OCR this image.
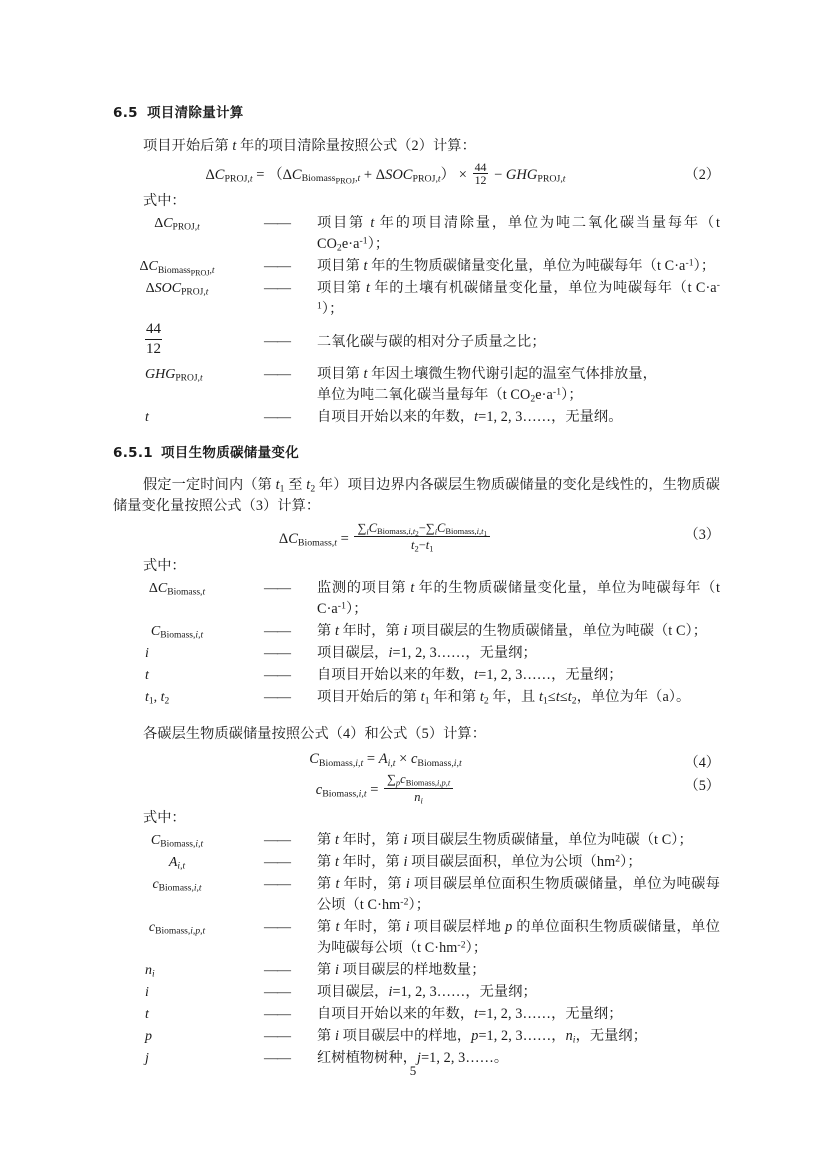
6.5 项目清除量计算

项目开始后第 t 年的项目清除量按照公式（2）计算：

$\Delta C_{PROJ,t} = (\Delta C_{Biomass_{PROJ},t} + \Delta SOC_{PROJ,t}) \times \frac{44}{12} - GHG_{PROJ,t}$	（2）
式中：
$\Delta C_{PROJ,t}$	——	项目第 t 年的项目清除量，单位为吨二氧化碳当量每年（t $CO_2e\cdot a^{-1}$）；
$\Delta C_{Biomass_{PROJ},t}$	——	项目第 t 年的生物质碳储量变化量，单位为吨碳每年（t $C\cdot a^{-1}$）；
$\Delta SOC_{PROJ,t}$	——	项目第 t 年的土壤有机碳储量变化量，单位为吨碳每年（t $C\cdot a^{-1}$）；
$\frac{44}{12}$	——	二氧化碳与碳的相对分子质量之比；
$GHG_{PROJ,t}$	——	项目第 t 年因土壤微生物代谢引起的温室气体排放量，
单位为吨二氧化碳当量每年（t $CO_2e\cdot a^{-1}$）；
t	——	自项目开始以来的年数，t=1, 2, 3……，无量纲。
6.5.1 项目生物质碳储量变化

假定一定时间内（第 $t_1$ 至 $t_2$ 年）项目边界内各碳层生物质碳储量的变化是线性的，生物质碳储量变化量按照公式（3）计算：

$\Delta C_{Biomass,t} = \frac{\sum_iC_{Biomass,i,t_2}-\sum_iC_{Biomass,i,t_1}}{t_2-t_1}$	（3）
式中：
$\Delta C_{Biomass,t}$	——	监测的项目第 t 年的生物质碳储量变化量，单位为吨碳每年（t $C\cdot a^{-1}$）；
$C_{Biomass,i,t}$	——	第 t 年时，第 i 项目碳层的生物质碳储量，单位为吨碳（t C）；
i	——	项目碳层，i=1, 2, 3……，无量纲；
t	——	自项目开始以来的年数，t=1, 2, 3……，无量纲；
$t_1$, $t_2$	——	项目开始后的第 $t_1$ 年和第 $t_2$ 年，且 $t_1\le t\le t_2$，单位为年（a）。

各碳层生物质碳储量按照公式（4）和公式（5）计算：

$C_{Biomass,i,t} = A_{i,t} \times c_{Biomass,i,t}$	（4）
$c_{Biomass,i,t} = \frac{\sum_pc_{Biomass,i,p,t}}{n_i}$	（5）
式中：
$C_{Biomass,i,t}$	——	第 t 年时，第 i 项目碳层生物质碳储量，单位为吨碳（t C）；
$A_{i,t}$	——	第 t 年时，第 i 项目碳层面积，单位为公顷$(hm^2)$；
$c_{Biomass,i,t}$	——	第 t 年时，第 i 项目碳层单位面积生物质碳储量，单位为吨碳每公顷（t $C\cdot hm^{-2}$）；
$c_{Biomass,i,p,t}$	——	第 t 年时，第 i 项目碳层样地 p 的单位面积生物质碳储量，单位为吨碳每公顷（t $C\cdot hm^{-2}$）；
$n_i$	——	第 i 项目碳层的样地数量；
i	——	项目碳层，i=1, 2, 3……，无量纲；
t	——	自项目开始以来的年数，t=1, 2, 3……，无量纲；
p	——	第 i 项目碳层中的样地，p=1, 2, 3……，$n_i$，无量纲；
j	——	红树植物树种，j=1, 2, 3……。
5
